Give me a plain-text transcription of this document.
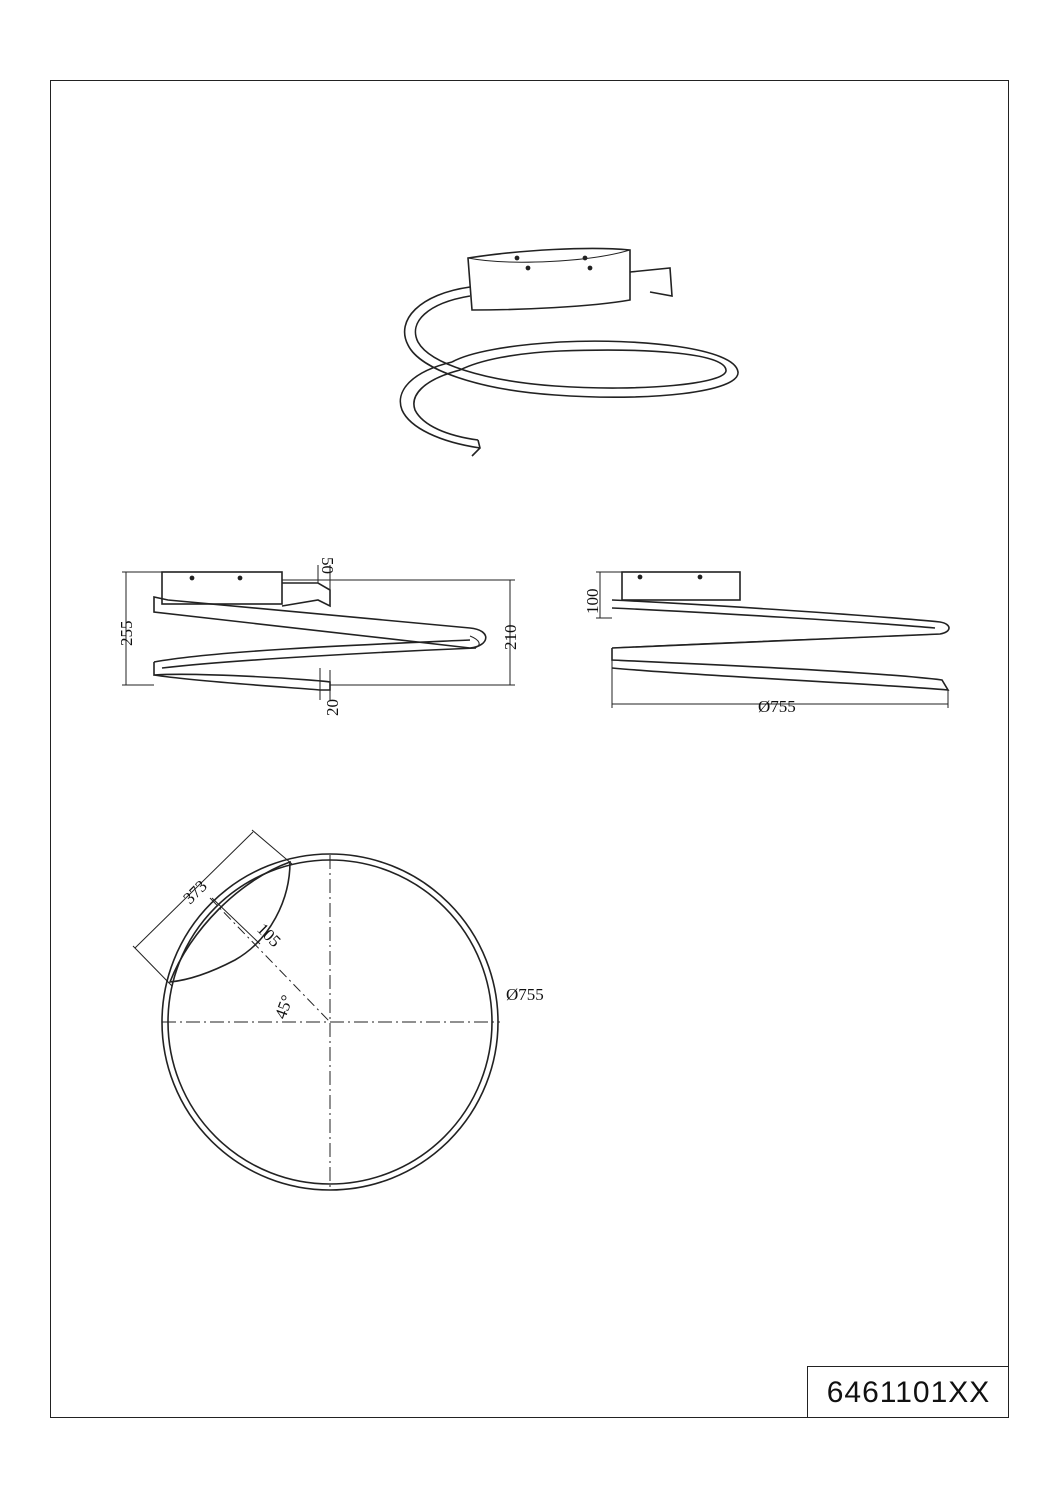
255	210
50
20
100
Ø755
373
105
45°	Ø755
6461101XX
